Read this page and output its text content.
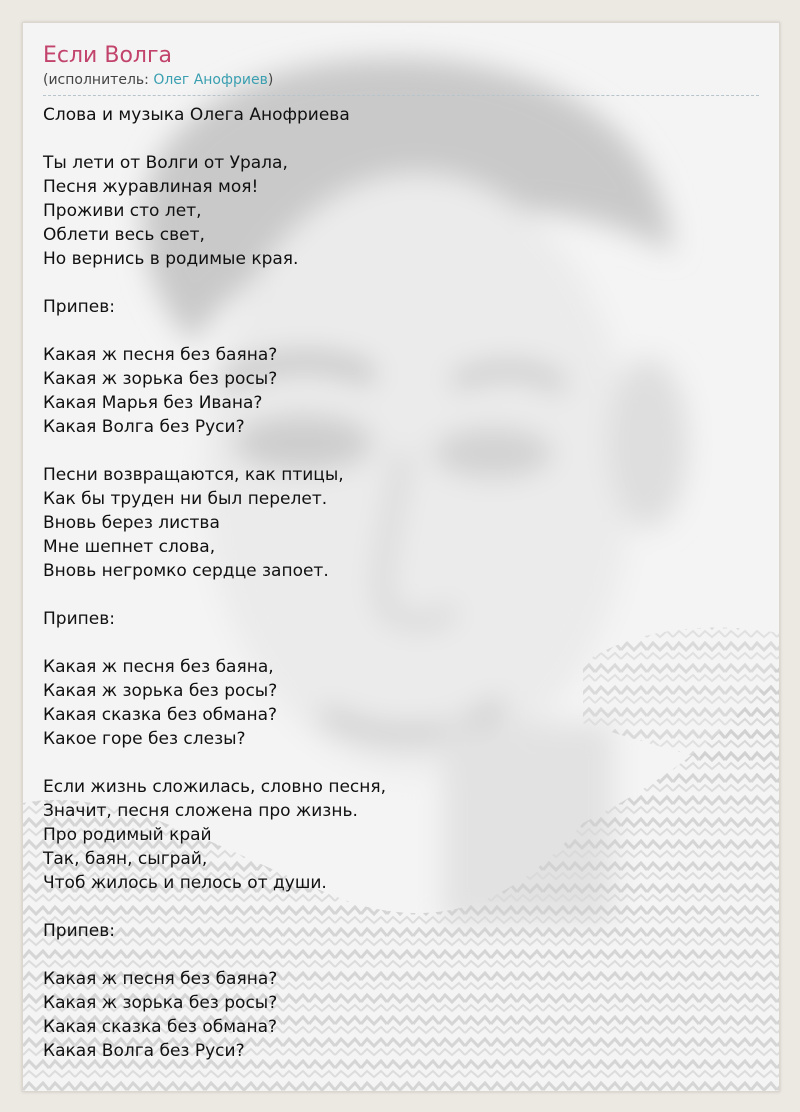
Если Волга
(исполнитель: Олег Анофриев)
Слова и музыка Олега Анофриева
Ты лети от Волги от Урала,
Песня журавлиная моя!
Проживи сто лет,
Облети весь свет,
Но вернись в родимые края.
Припев:
Какая ж песня без баяна?
Какая ж зорька без росы?
Какая Марья без Ивана?
Какая Волга без Руси?
Песни возвращаются, как птицы,
Как бы труден ни был перелет.
Вновь берез листва
Мне шепнет слова,
Вновь негромко сердце запоет.
Припев:
Какая ж песня без баяна,
Какая ж зорька без росы?
Какая сказка без обмана?
Какое горе без слезы?
Если жизнь сложилась, словно песня,
Значит, песня сложена про жизнь.
Про родимый край
Так, баян, сыграй,
Чтоб жилось и пелось от души.
Припев:
Какая ж песня без баяна?
Какая ж зорька без росы?
Какая сказка без обмана?
Какая Волга без Руси?
